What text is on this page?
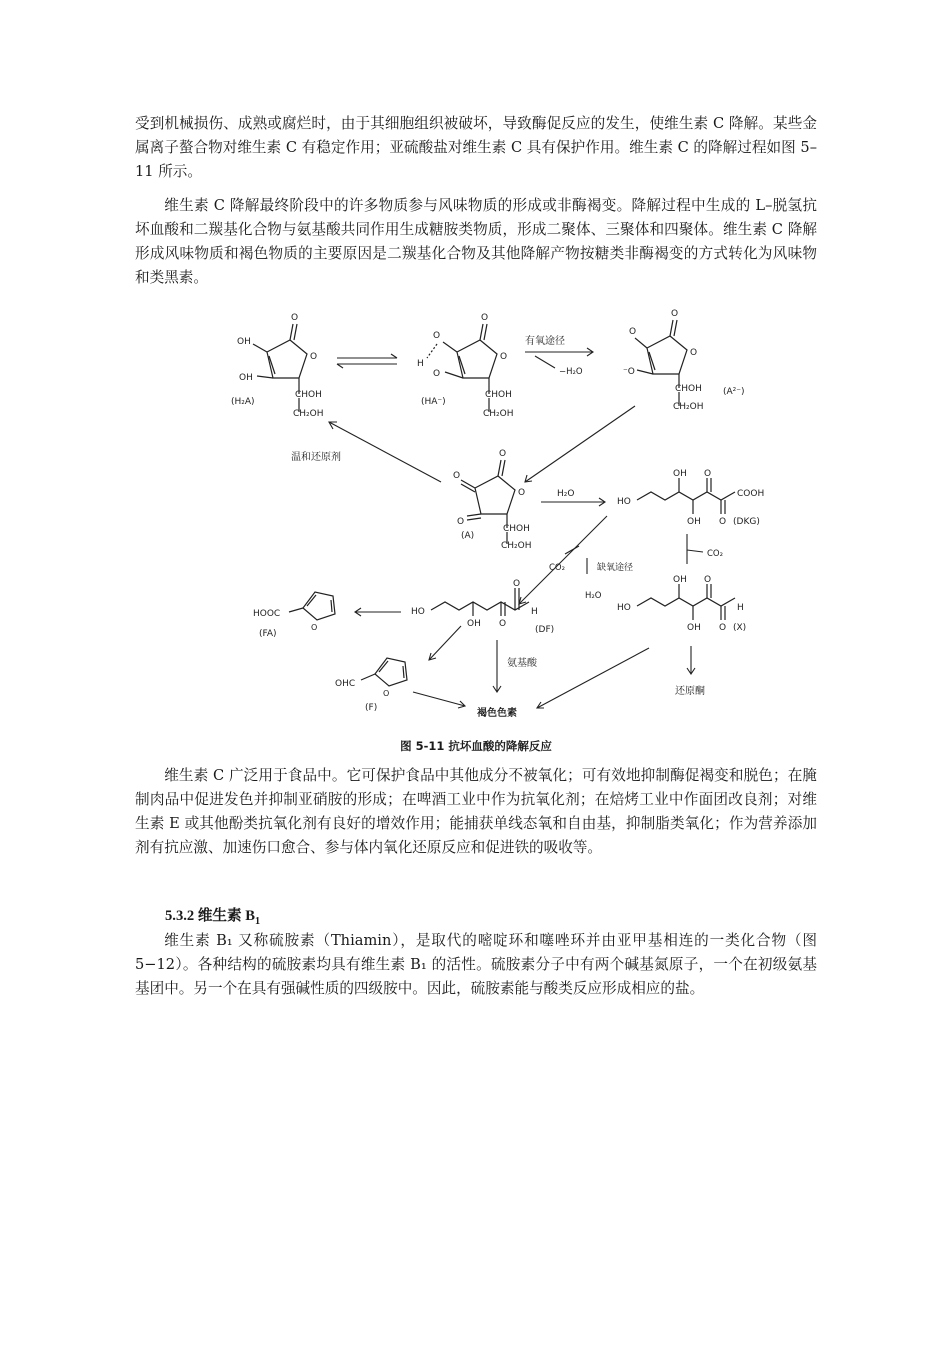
受到机械损伤、成熟或腐烂时，由于其细胞组织被破坏，导致酶促反应的发生，使维生素 C 降解。某些金属离子螯合物对维生素 C 有稳定作用；亚硫酸盐对维生素 C 具有保护作用。维生素 C 的降解过程如图 5–11 所示。

维生素 C 降解最终阶段中的许多物质参与风味物质的形成或非酶褐变。降解过程中生成的 L–脱氢抗坏血酸和二羰基化合物与氨基酸共同作用生成糖胺类物质，形成二聚体、三聚体和四聚体。维生素 C 降解形成风味物质和褐色物质的主要原因是二羰基化合物及其他降解产物按糖类非酶褐变的方式转化为风味物和类黑素。

O
O
OH
OH
CHOH
CH₂OH
(H₂A)
O
O
O
H
O
CHOH
CH₂OH
(HA⁻)
有氧途径
−H₂O
O
O
O
⁻O
CHOH
CH₂OH
(A²⁻)
温和还原剂	O
O
O
O
CHOH
CH₂OH
(A)
H₂O
HO
OH
OH
O
O
COOH
(DKG)
CO₂
CO₂	缺氧途径
H₂O
HO
OH
OH
O
O
H
(X)
还原酮
HO
OH O
O
H
(DF)
O
HOOC
(FA)
氨基酸
O
OHC
(F)	褐色色素

图 5-11 抗坏血酸的降解反应

维生素 C 广泛用于食品中。它可保护食品中其他成分不被氧化；可有效地抑制酶促褐变和脱色；在腌制肉品中促进发色并抑制亚硝胺的形成；在啤酒工业中作为抗氧化剂；在焙烤工业中作面团改良剂；对维生素 E 或其他酚类抗氧化剂有良好的增效作用；能捕获单线态氧和自由基，抑制脂类氧化；作为营养添加剂有抗应激、加速伤口愈合、参与体内氧化还原反应和促进铁的吸收等。

5.3.2 维生素 $B_1$

维生素 B₁ 又称硫胺素（Thiamin），是取代的嘧啶环和噻唑环并由亚甲基相连的一类化合物（图 5−12）。各种结构的硫胺素均具有维生素 B₁ 的活性。硫胺素分子中有两个碱基氮原子，一个在初级氨基基团中。另一个在具有强碱性质的四级胺中。因此，硫胺素能与酸类反应形成相应的盐。
